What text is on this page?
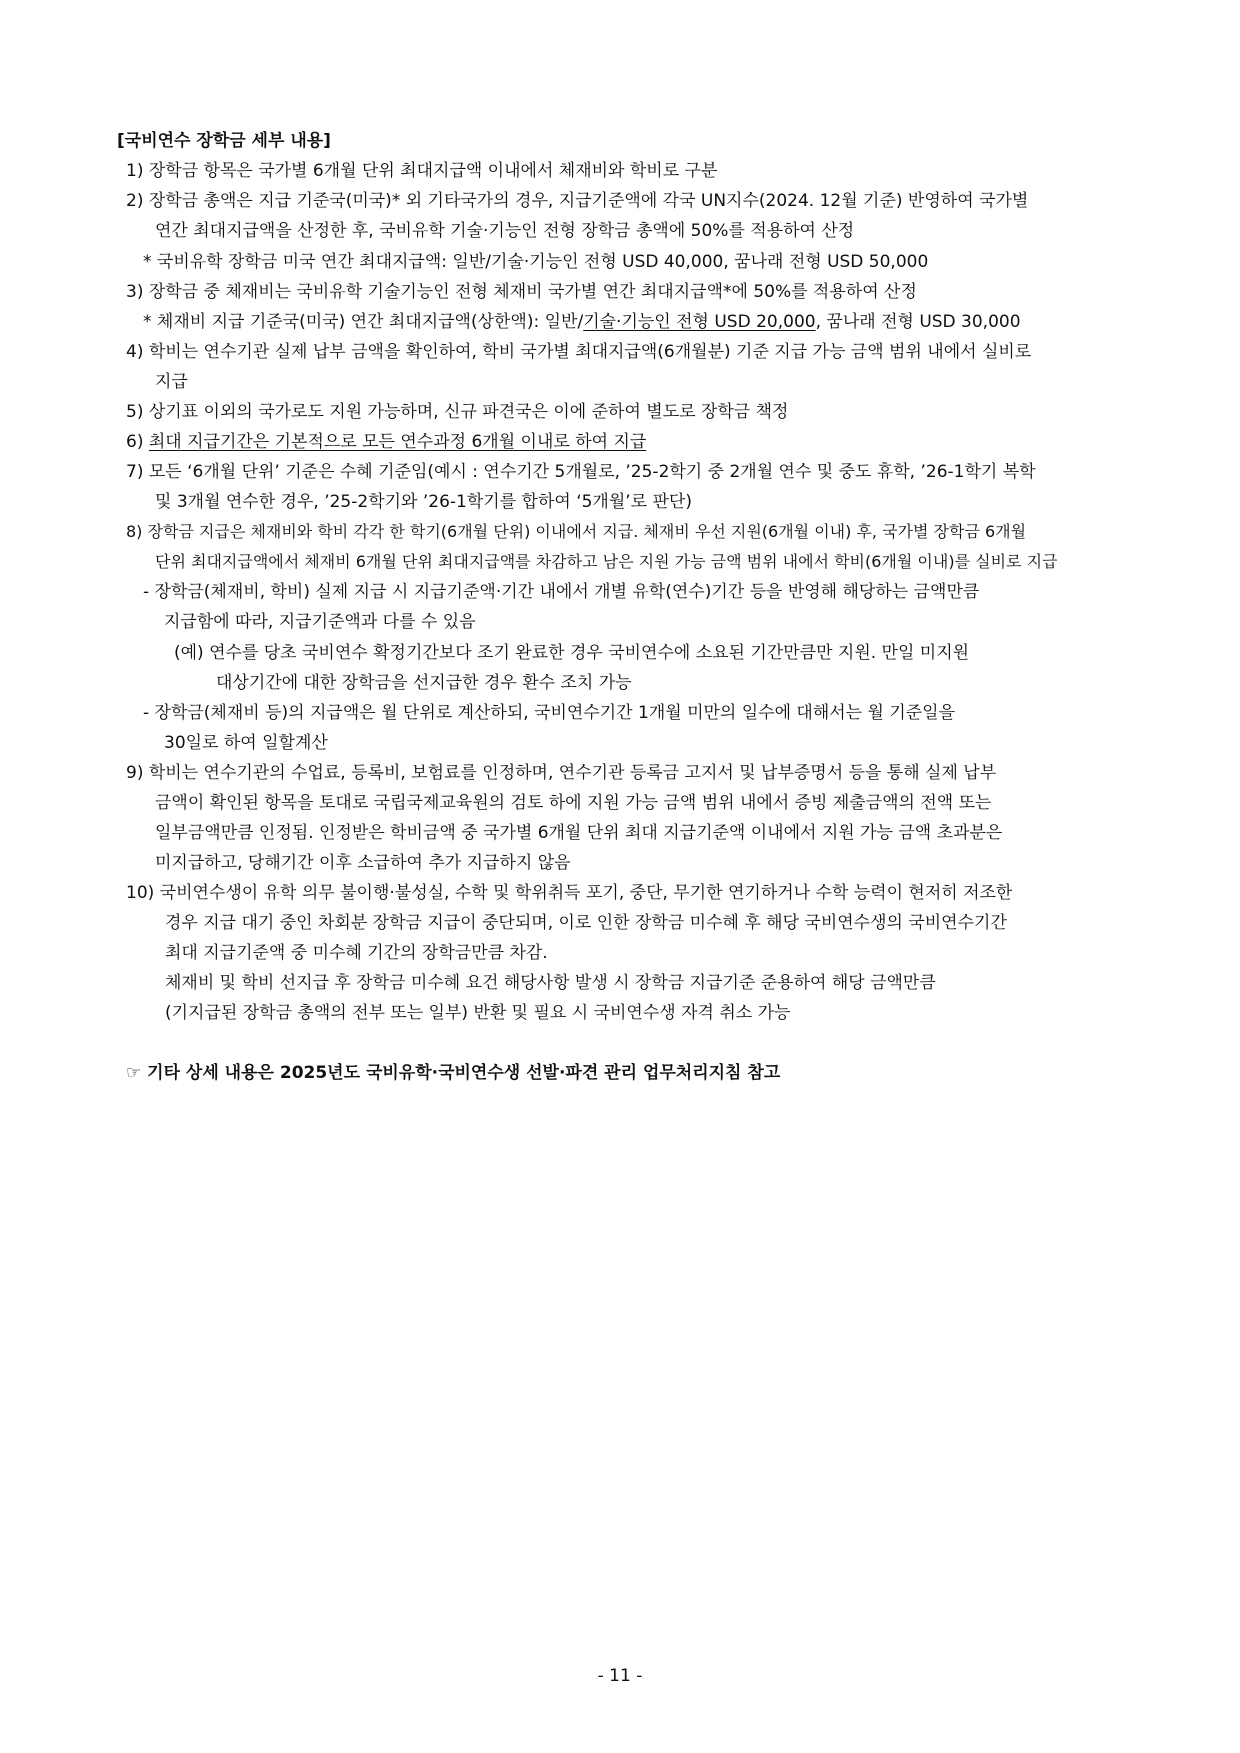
[국비연수 장학금 세부 내용]
1) 장학금 항목은 국가별 6개월 단위 최대지급액 이내에서 체재비와 학비로 구분
2) 장학금 총액은 지급 기준국(미국)* 외 기타국가의 경우, 지급기준액에 각국 UN지수(2024. 12월 기준) 반영하여 국가별
연간 최대지급액을 산정한 후, 국비유학 기술·기능인 전형 장학금 총액에 50%를 적용하여 산정
* 국비유학 장학금 미국 연간 최대지급액: 일반/기술·기능인 전형 USD 40,000, 꿈나래 전형 USD 50,000
3) 장학금 중 체재비는 국비유학 기술기능인 전형 체재비 국가별 연간 최대지급액*에 50%를 적용하여 산정
* 체재비 지급 기준국(미국) 연간 최대지급액(상한액): 일반/기술·기능인 전형 USD 20,000, 꿈나래 전형 USD 30,000
4) 학비는 연수기관 실제 납부 금액을 확인하여, 학비 국가별 최대지급액(6개월분) 기준 지급 가능 금액 범위 내에서 실비로
지급
5) 상기표 이외의 국가로도 지원 가능하며, 신규 파견국은 이에 준하여 별도로 장학금 책정
6) 최대 지급기간은 기본적으로 모든 연수과정 6개월 이내로 하여 지급
7) 모든 ‘6개월 단위’ 기준은 수혜 기준임(예시 : 연수기간 5개월로, ’25-2학기 중 2개월 연수 및 중도 휴학, ’26-1학기 복학
및 3개월 연수한 경우, ’25-2학기와 ’26-1학기를 합하여 ‘5개월’로 판단)
8) 장학금 지급은 체재비와 학비 각각 한 학기(6개월 단위) 이내에서 지급. 체재비 우선 지원(6개월 이내) 후, 국가별 장학금 6개월
단위 최대지급액에서 체재비 6개월 단위 최대지급액를 차감하고 남은 지원 가능 금액 범위 내에서 학비(6개월 이내)를 실비로 지급
- 장학금(체재비, 학비) 실제 지급 시 지급기준액·기간 내에서 개별 유학(연수)기간 등을 반영해 해당하는 금액만큼
지급함에 따라, 지급기준액과 다를 수 있음
(예) 연수를 당초 국비연수 확정기간보다 조기 완료한 경우 국비연수에 소요된 기간만큼만 지원. 만일 미지원
대상기간에 대한 장학금을 선지급한 경우 환수 조치 가능
- 장학금(체재비 등)의 지급액은 월 단위로 계산하되, 국비연수기간 1개월 미만의 일수에 대해서는 월 기준일을
30일로 하여 일할계산
9) 학비는 연수기관의 수업료, 등록비, 보험료를 인정하며, 연수기관 등록금 고지서 및 납부증명서 등을 통해 실제 납부
금액이 확인된 항목을 토대로 국립국제교육원의 검토 하에 지원 가능 금액 범위 내에서 증빙 제출금액의 전액 또는
일부금액만큼 인정됨. 인정받은 학비금액 중 국가별 6개월 단위 최대 지급기준액 이내에서 지원 가능 금액 초과분은
미지급하고, 당해기간 이후 소급하여 추가 지급하지 않음
10) 국비연수생이 유학 의무 불이행·불성실, 수학 및 학위취득 포기, 중단, 무기한 연기하거나 수학 능력이 현저히 저조한
경우 지급 대기 중인 차회분 장학금 지급이 중단되며, 이로 인한 장학금 미수혜 후 해당 국비연수생의 국비연수기간
최대 지급기준액 중 미수혜 기간의 장학금만큼 차감.
체재비 및 학비 선지급 후 장학금 미수혜 요건 해당사항 발생 시 장학금 지급기준 준용하여 해당 금액만큼
(기지급된 장학금 총액의 전부 또는 일부) 반환 및 필요 시 국비연수생 자격 취소 가능
☞ 기타 상세 내용은 2025년도 국비유학·국비연수생 선발·파견 관리 업무처리지침 참고
- 11 -
